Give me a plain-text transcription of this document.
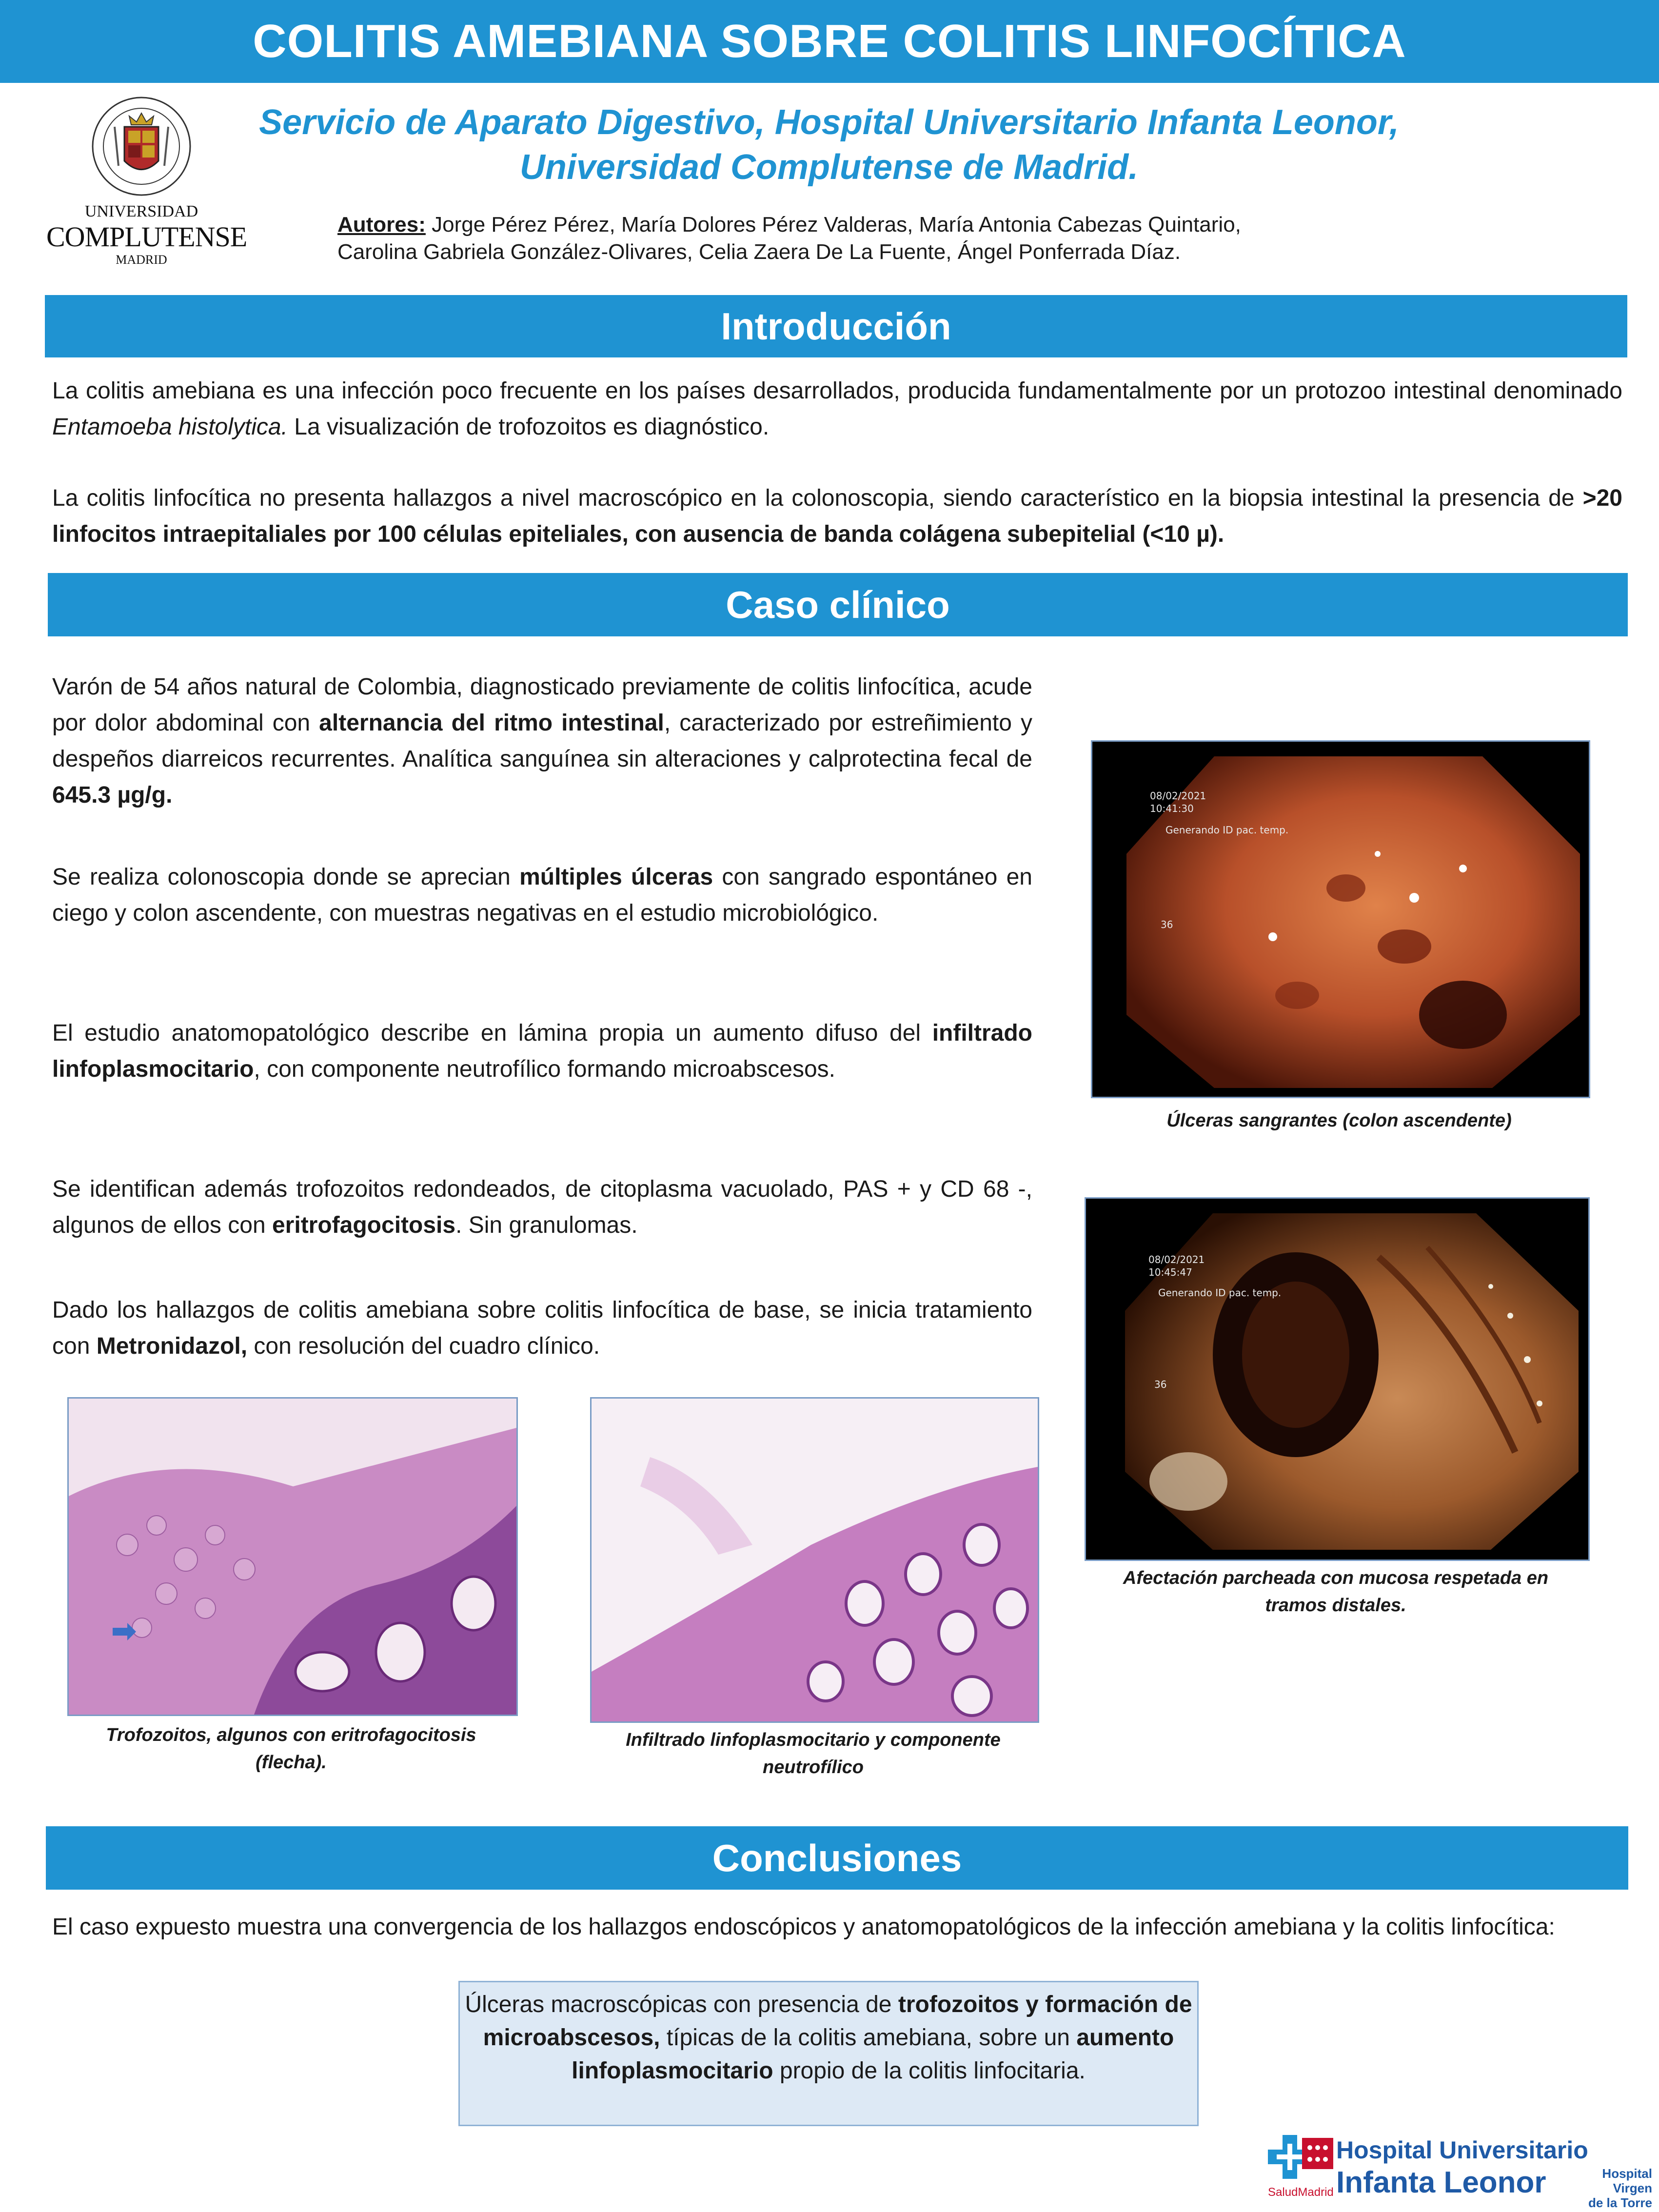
COLITIS AMEBIANA SOBRE COLITIS LINFOCÍTICA
UNIVERSIDAD
COMPLUTENSE
MADRID
Servicio de Aparato Digestivo, Hospital Universitario Infanta Leonor,
Universidad Complutense de Madrid.
Autores: Jorge Pérez Pérez, María Dolores Pérez Valderas, María Antonia Cabezas Quintario,
Carolina Gabriela González-Olivares, Celia Zaera De La Fuente, Ángel Ponferrada Díaz.
Introducción
La colitis amebiana es una infección poco frecuente en los países desarrollados, producida fundamentalmente por un protozoo intestinal denominado Entamoeba histolytica. La visualización de trofozoitos es diagnóstico.
La colitis linfocítica no presenta hallazgos a nivel macroscópico en la colonoscopia, siendo característico en la biopsia intestinal la presencia de >20 linfocitos intraepitaliales por 100 células epiteliales, con ausencia de banda colágena subepitelial (<10 µ).
Caso clínico
Varón de 54 años natural de Colombia, diagnosticado previamente de colitis linfocítica, acude por dolor abdominal con alternancia del ritmo intestinal, caracterizado por estreñimiento y despeños diarreicos recurrentes. Analítica sanguínea sin alteraciones y calprotectina fecal de 645.3 µg/g.
Se realiza colonoscopia donde se aprecian múltiples úlceras con sangrado espontáneo en ciego y colon ascendente, con muestras negativas en el estudio microbiológico.
El estudio anatomopatológico describe en lámina propia un aumento difuso del infiltrado linfoplasmocitario, con componente neutrofílico formando microabscesos.
Se identifican además trofozoitos redondeados, de citoplasma vacuolado, PAS + y CD 68 -, algunos de ellos con eritrofagocitosis. Sin granulomas.
Dado los hallazgos de colitis amebiana sobre colitis linfocítica de base, se inicia tratamiento con Metronidazol, con resolución del cuadro clínico.
08/02/2021
10:41:30
Generando ID pac. temp.
36
Úlceras sangrantes (colon ascendente)
08/02/2021
10:45:47
Generando ID pac. temp.
36
Afectación parcheada con mucosa respetada en
tramos distales.
Trofozoitos, algunos con eritrofagocitosis
(flecha).
Infiltrado linfoplasmocitario y componente
neutrofílico
Conclusiones
El caso expuesto muestra una convergencia de los hallazgos endoscópicos y anatomopatológicos de la infección amebiana y la colitis linfocítica:
Úlceras macroscópicas con presencia de trofozoitos y formación de microabscesos, típicas de la colitis amebiana, sobre un aumento linfoplasmocitario propio de la colitis linfocitaria.
SaludMadrid
Hospital Universitario
Infanta Leonor	Hospital Virgen
de la Torre
